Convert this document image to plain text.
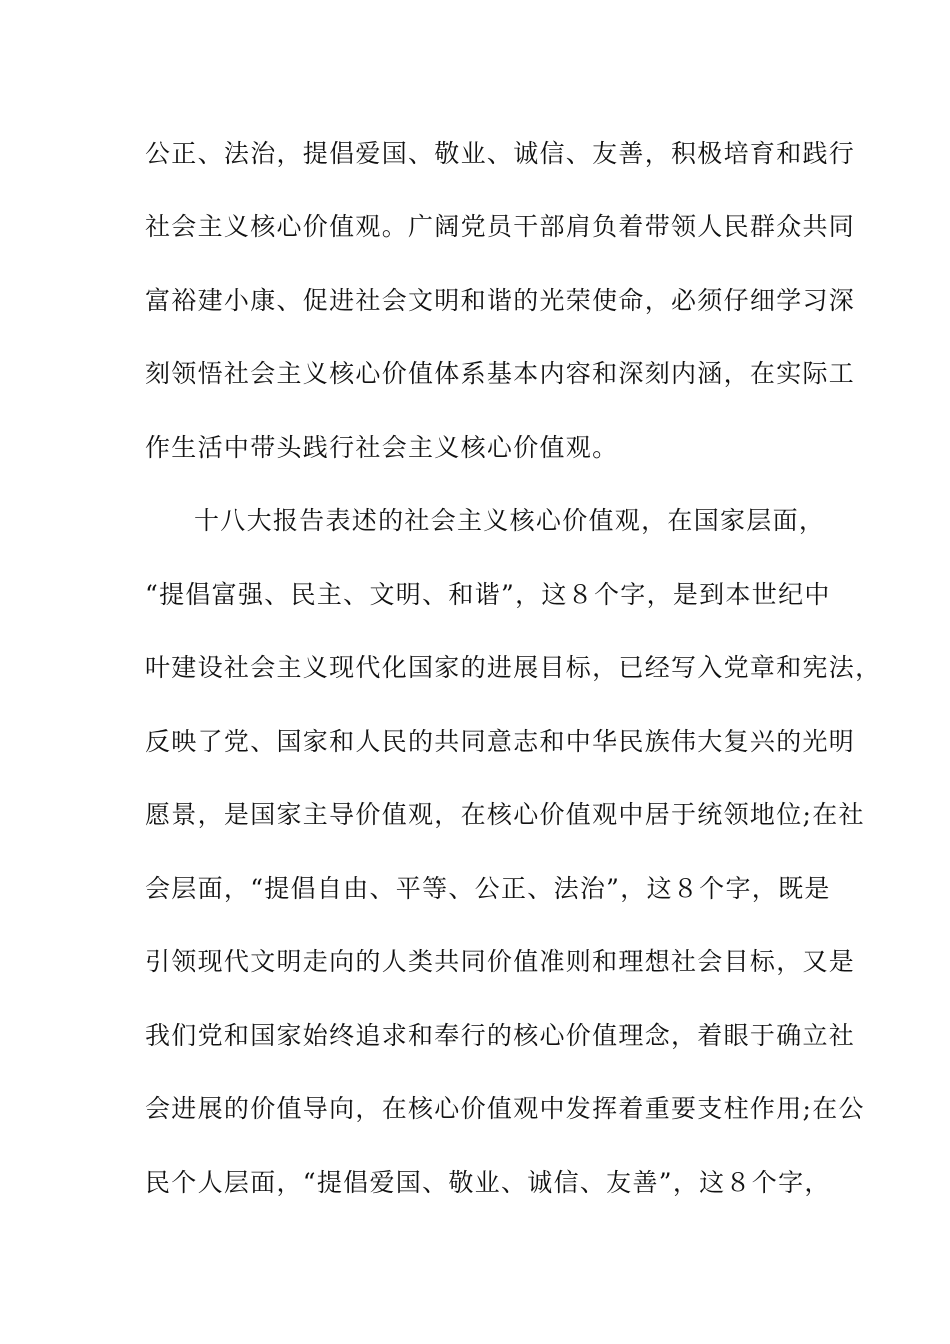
公正、法治，提倡爱国、敬业、诚信、友善，积极培育和践行
社会主义核心价值观。广阔党员干部肩负着带领人民群众共同
富裕建小康、促进社会文明和谐的光荣使命，必须仔细学习深
刻领悟社会主义核心价值体系基本内容和深刻内涵，在实际工
作生活中带头践行社会主义核心价值观。
十八大报告表述的社会主义核心价值观，在国家层面，
“提倡富强、民主、文明、和谐”，这８个字，是到本世纪中
叶建设社会主义现代化国家的进展目标，已经写入党章和宪法，
反映了党、国家和人民的共同意志和中华民族伟大复兴的光明
愿景，是国家主导价值观，在核心价值观中居于统领地位;在社
会层面，“提倡自由、平等、公正、法治”，这８个字，既是
引领现代文明走向的人类共同价值准则和理想社会目标，又是
我们党和国家始终追求和奉行的核心价值理念，着眼于确立社
会进展的价值导向，在核心价值观中发挥着重要支柱作用;在公
民个人层面，“提倡爱国、敬业、诚信、友善”，这８个字，
